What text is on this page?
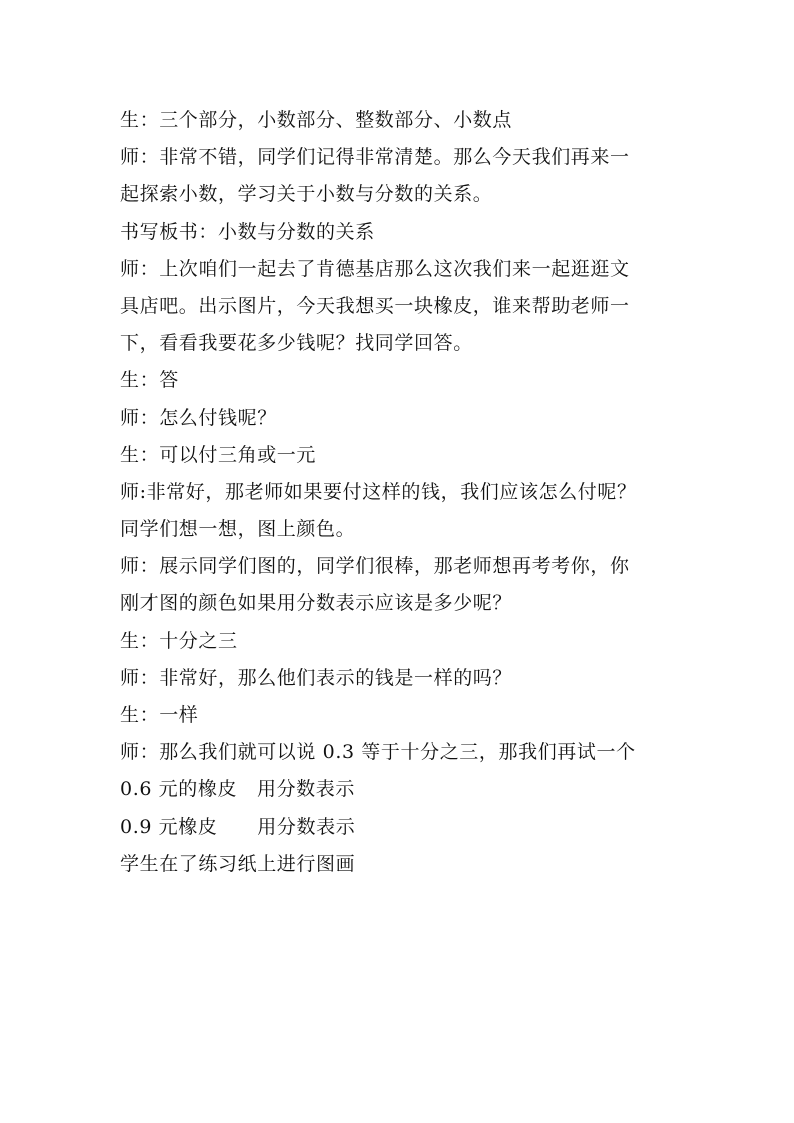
生：三个部分，小数部分、整数部分、小数点
师：非常不错，同学们记得非常清楚。那么今天我们再来一
起探索小数，学习关于小数与分数的关系。
书写板书：小数与分数的关系
师：上次咱们一起去了肯德基店那么这次我们来一起逛逛文
具店吧。出示图片，今天我想买一块橡皮，谁来帮助老师一
下，看看我要花多少钱呢？找同学回答。
生：答
师：怎么付钱呢？
生：可以付三角或一元
师:非常好，那老师如果要付这样的钱，我们应该怎么付呢？
同学们想一想，图上颜色。
师：展示同学们图的，同学们很棒，那老师想再考考你，你
刚才图的颜色如果用分数表示应该是多少呢？
生：十分之三
师：非常好，那么他们表示的钱是一样的吗？
生：一样
师：那么我们就可以说 0.3 等于十分之三，那我们再试一个
0.6 元的橡皮   用分数表示
0.9 元橡皮      用分数表示
学生在了练习纸上进行图画
